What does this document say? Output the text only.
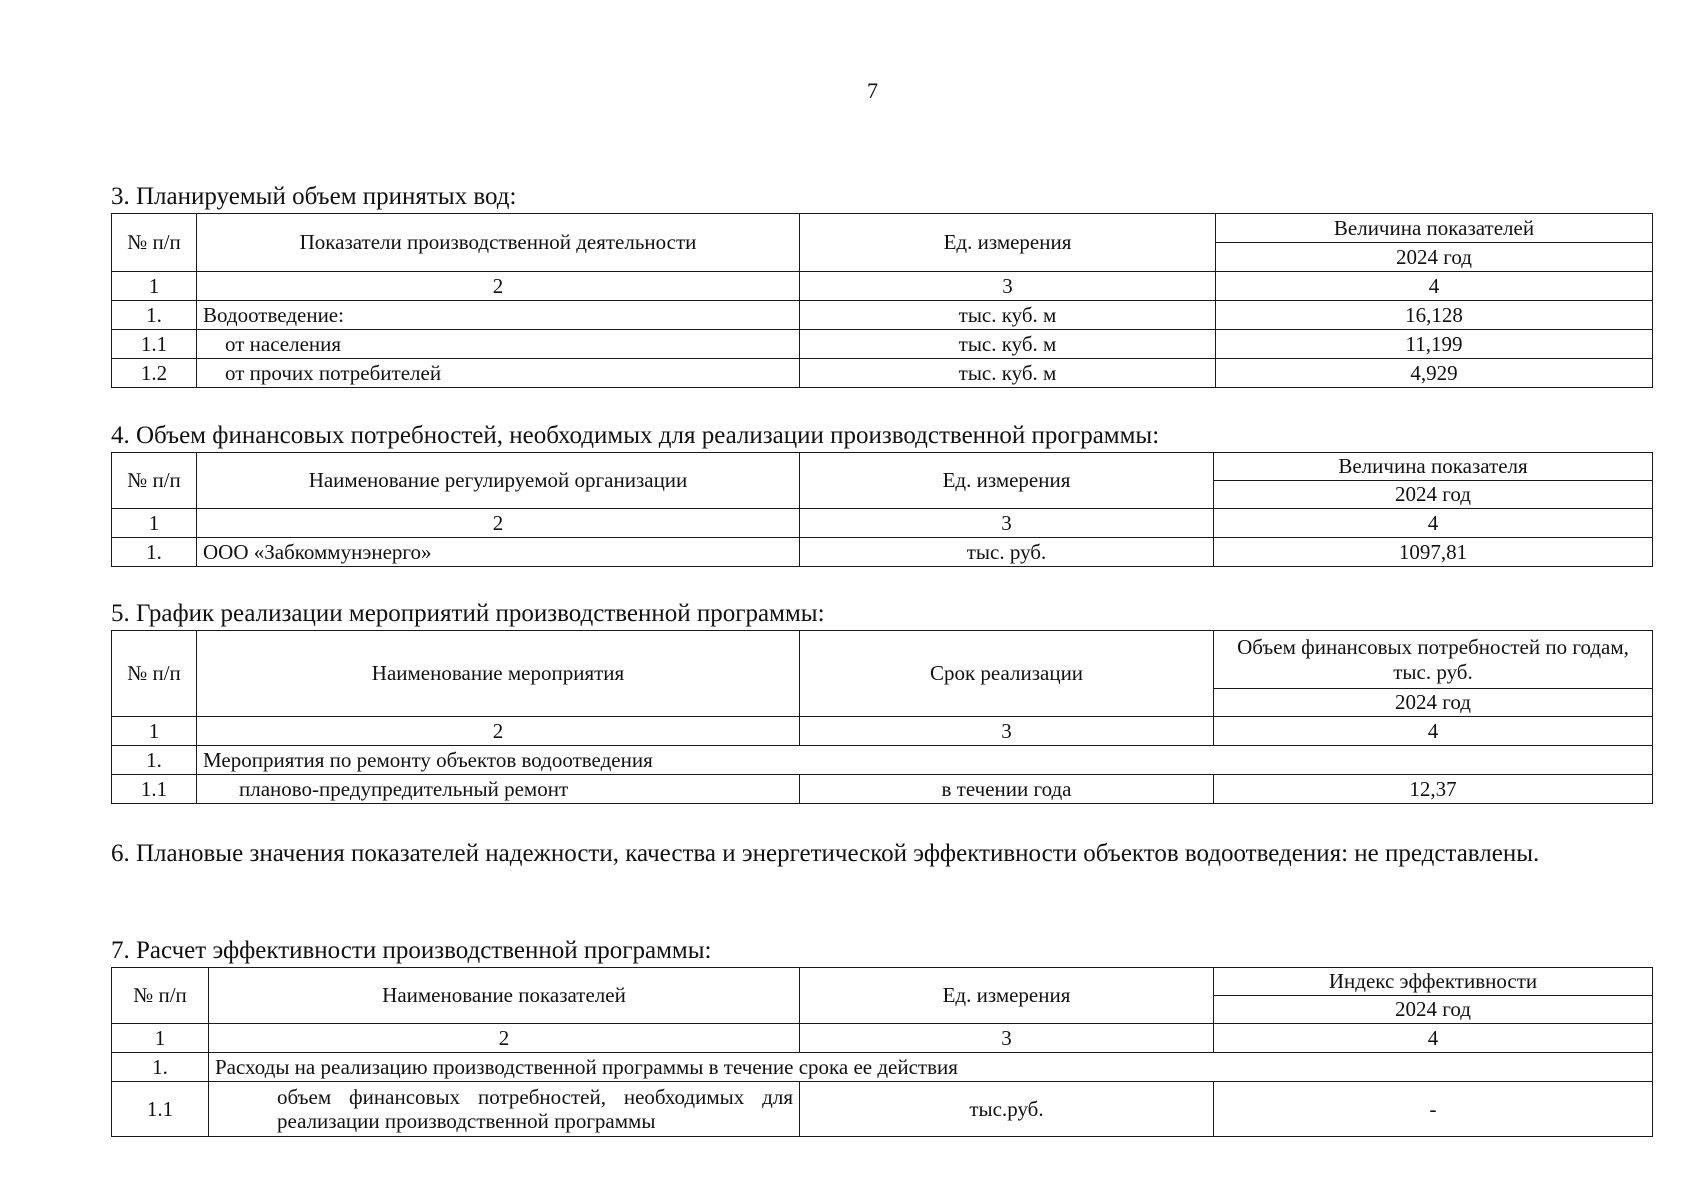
7
3. Планируемый объем принятых вод:
№ п/п	Показатели производственной деятельности	Ед. измерения	Величина показателей
			2024 год
1	2	3	4
1.	Водоотведение:	тыс. куб. м	16,128
1.1	от населения	тыс. куб. м	11,199
1.2	от прочих потребителей	тыс. куб. м	4,929
4. Объем финансовых потребностей, необходимых для реализации производственной программы:
№ п/п	Наименование регулируемой организации	Ед. измерения	Величина показателя
			2024 год
1	2	3	4
1.	ООО «Забкоммунэнерго»	тыс. руб.	1097,81
5. График реализации мероприятий производственной программы:
№ п/п	Наименование мероприятия	Срок реализации	Объем финансовых потребностей по годам, тыс. руб.
			2024 год
1	2	3	4
1.	Мероприятия по ремонту объектов водоотведения		
1.1	планово-предупредительный ремонт	в течении года	12,37
6. Плановые значения показателей надежности, качества и энергетической эффективности объектов водоотведения: не представлены.
7. Расчет эффективности производственной программы:
№ п/п	Наименование показателей	Ед. измерения	Индекс эффективности
			2024 год
1	2	3	4
1.	Расходы на реализацию производственной программы в течение срока ее действия		
1.1	объем финансовых потребностей, необходимых для реализации производственной программы	тыс.руб.	-
